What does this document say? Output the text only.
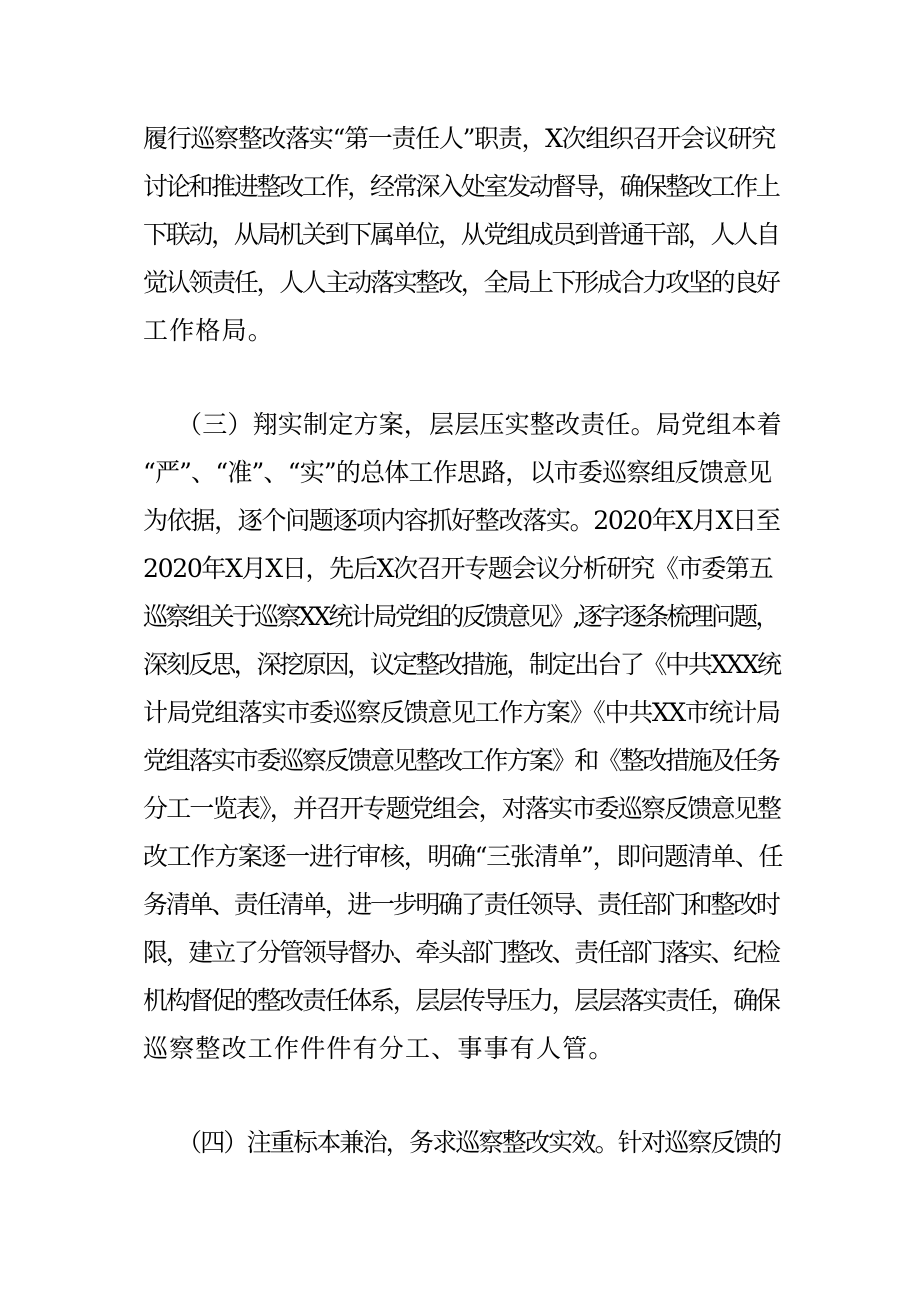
履行巡察整改落实“第一责任人”职责，X次组织召开会议研究
讨论和推进整改工作，经常深入处室发动督导，确保整改工作上
下联动，从局机关到下属单位，从党组成员到普通干部，人人自
觉认领责任，人人主动落实整改，全局上下形成合力攻坚的良好
工作格局。
（三）翔实制定方案，层层压实整改责任。局党组本着
“严”、“准”、“实”的总体工作思路，以市委巡察组反馈意见
为依据，逐个问题逐项内容抓好整改落实。2020年X月X日至
2020年X月X日，先后X次召开专题会议分析研究《市委第五
巡察组关于巡察XX统计局党组的反馈意见》,逐字逐条梳理问题，
深刻反思，深挖原因，议定整改措施，制定出台了《中共XXX统
计局党组落实市委巡察反馈意见工作方案》《中共XX市统计局
党组落实市委巡察反馈意见整改工作方案》和《整改措施及任务
分工一览表》，并召开专题党组会，对落实市委巡察反馈意见整
改工作方案逐一进行审核，明确“三张清单”，即问题清单、任
务清单、责任清单，进一步明确了责任领导、责任部门和整改时
限，建立了分管领导督办、牵头部门整改、责任部门落实、纪检
机构督促的整改责任体系，层层传导压力，层层落实责任，确保
巡察整改工作件件有分工、事事有人管。
（四）注重标本兼治，务求巡察整改实效。针对巡察反馈的
